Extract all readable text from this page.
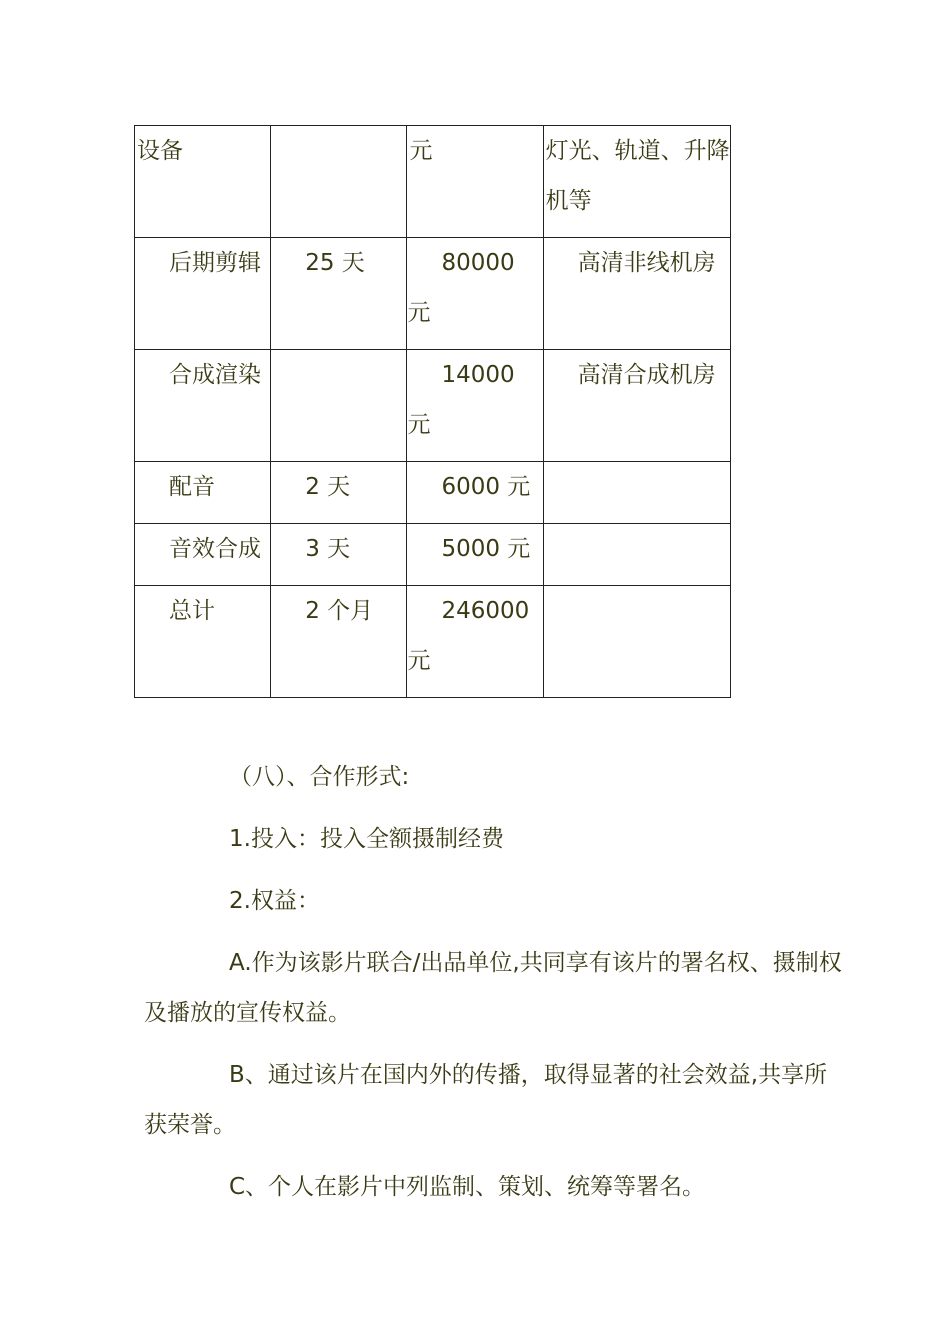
设备		元	灯光、轨道、升降机等
后期剪辑	25 天	80000 元	高清非线机房
合成渲染		14000 元	高清合成机房
配音	2 天	6000 元	
音效合成	3 天	5000 元	
总计	2 个月	246000 元	

（八）、合作形式:

1.投入：投入全额摄制经费

2.权益：

A.作为该影片联合/出品单位,共同享有该片的署名权、摄制权及播放的宣传权益。

B、通过该片在国内外的传播，取得显著的社会效益,共享所获荣誉。

C、个人在影片中列监制、策划、统筹等署名。
